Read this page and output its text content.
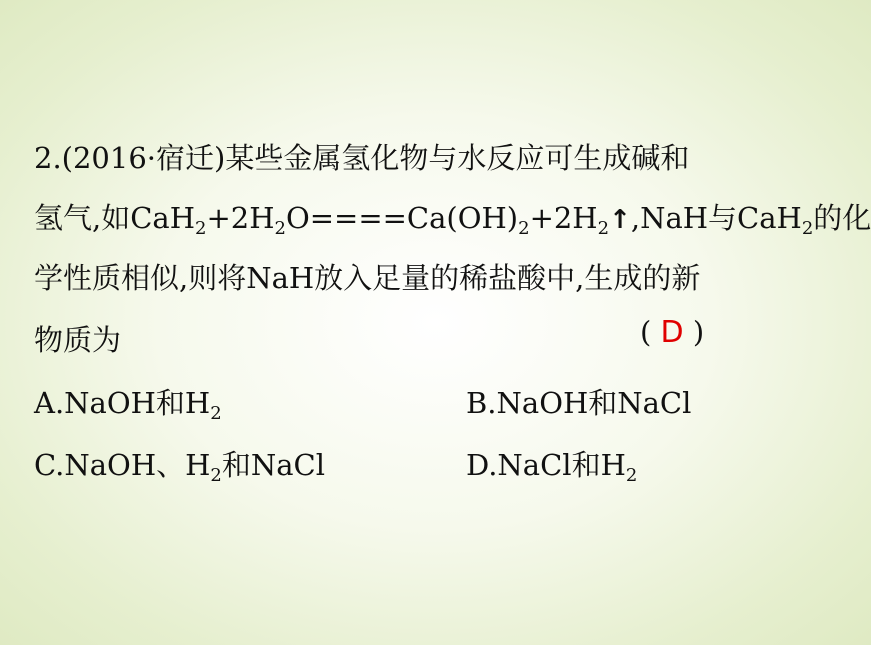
2.(2016·宿迁)某些金属氢化物与水反应可生成碱和
氢气,如$CaH_2+2H_2O====Ca(OH)_2+2H_2↑,NaH$与CaH$_2$的化
学性质相似,则将NaH放入足量的稀盐酸中,生成的新
物质为	( D )
A.NaOH和$H_2$	B.NaOH和NaCl
C.NaOH、$H_2$和NaCl	D.NaCl和$H_2$
